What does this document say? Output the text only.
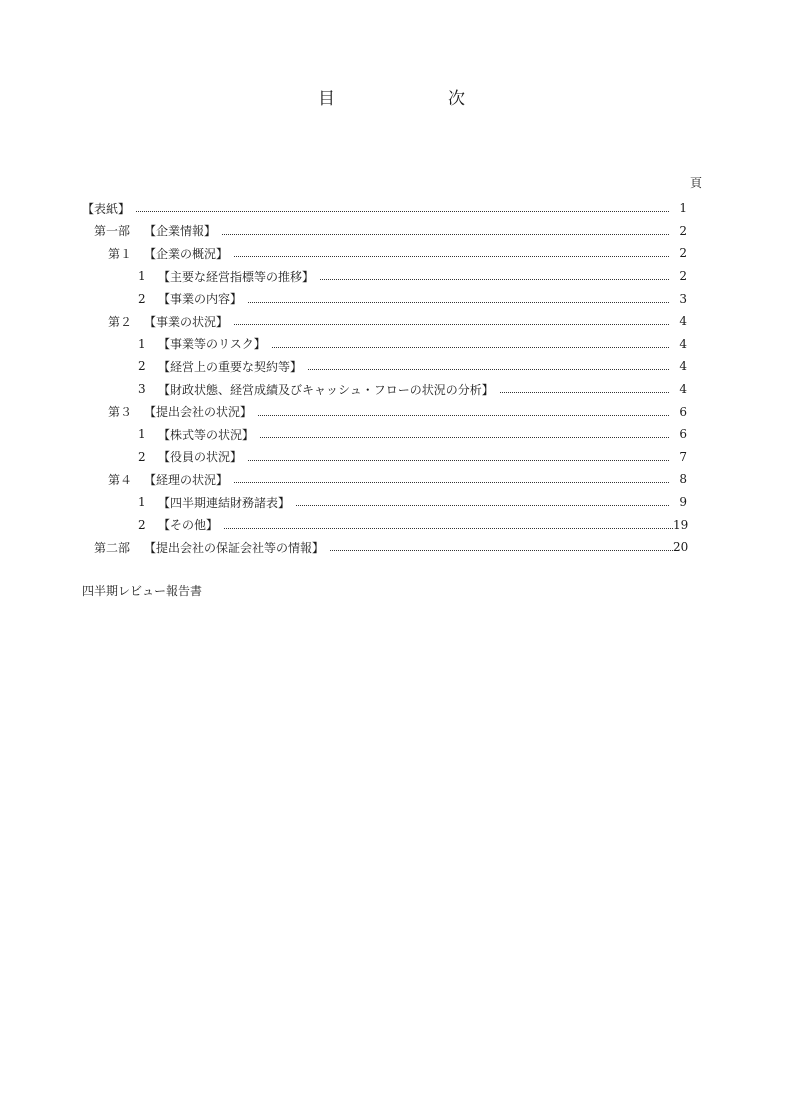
目	次
頁
【表紙】	1
第一部	【企業情報】	2
第１ 【企業の概況】	2
1	【主要な経営指標等の推移】	2
2	【事業の内容】	3
第２ 【事業の状況】	4
1	【事業等のリスク】	4
2	【経営上の重要な契約等】	4
3	【財政状態、経営成績及びキャッシュ・フローの状況の分析】	4
第３ 【提出会社の状況】	6
1	【株式等の状況】	6
2	【役員の状況】	7
第４ 【経理の状況】	8
1	【四半期連結財務諸表】	9
2	【その他】	19
第二部	【提出会社の保証会社等の情報】	20
四半期レビュー報告書
